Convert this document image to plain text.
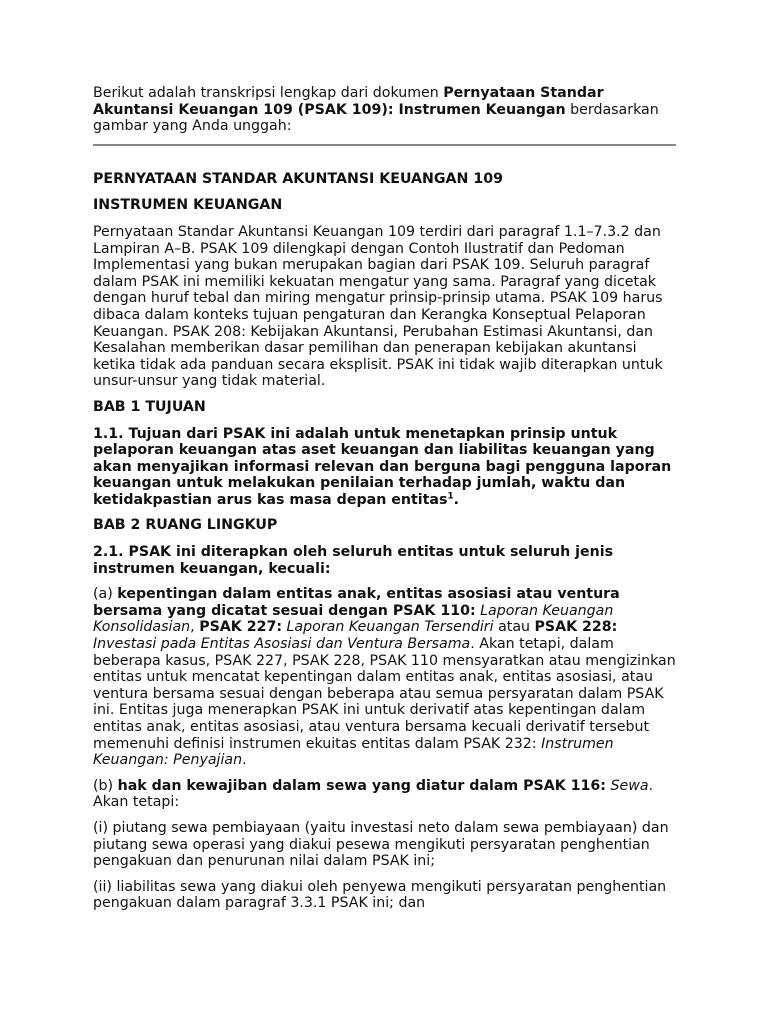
Berikut adalah transkripsi lengkap dari dokumen Pernyataan Standar Akuntansi Keuangan 109 (PSAK 109): Instrumen Keuangan berdasarkan gambar yang Anda unggah:

PERNYATAAN STANDAR AKUNTANSI KEUANGAN 109

INSTRUMEN KEUANGAN

Pernyataan Standar Akuntansi Keuangan 109 terdiri dari paragraf 1.1–7.3.2 dan Lampiran A–B. PSAK 109 dilengkapi dengan Contoh Ilustratif dan Pedoman Implementasi yang bukan merupakan bagian dari PSAK 109. Seluruh paragraf dalam PSAK ini memiliki kekuatan mengatur yang sama. Paragraf yang dicetak dengan huruf tebal dan miring mengatur prinsip-prinsip utama. PSAK 109 harus dibaca dalam konteks tujuan pengaturan dan Kerangka Konseptual Pelaporan Keuangan. PSAK 208: Kebijakan Akuntansi, Perubahan Estimasi Akuntansi, dan Kesalahan memberikan dasar pemilihan dan penerapan kebijakan akuntansi ketika tidak ada panduan secara eksplisit. PSAK ini tidak wajib diterapkan untuk unsur-unsur yang tidak material.

BAB 1 TUJUAN

1.1. Tujuan dari PSAK ini adalah untuk menetapkan prinsip untuk pelaporan keuangan atas aset keuangan dan liabilitas keuangan yang akan menyajikan informasi relevan dan berguna bagi pengguna laporan keuangan untuk melakukan penilaian terhadap jumlah, waktu dan ketidakpastian arus kas masa depan entitas$^1$.

BAB 2 RUANG LINGKUP

2.1. PSAK ini diterapkan oleh seluruh entitas untuk seluruh jenis instrumen keuangan, kecuali:

(a) kepentingan dalam entitas anak, entitas asosiasi atau ventura bersama yang dicatat sesuai dengan PSAK 110: Laporan Keuangan Konsolidasian, PSAK 227: Laporan Keuangan Tersendiri atau PSAK 228: Investasi pada Entitas Asosiasi dan Ventura Bersama. Akan tetapi, dalam beberapa kasus, PSAK 227, PSAK 228, PSAK 110 mensyaratkan atau mengizinkan entitas untuk mencatat kepentingan dalam entitas anak, entitas asosiasi, atau ventura bersama sesuai dengan beberapa atau semua persyaratan dalam PSAK ini. Entitas juga menerapkan PSAK ini untuk derivatif atas kepentingan dalam entitas anak, entitas asosiasi, atau ventura bersama kecuali derivatif tersebut memenuhi definisi instrumen ekuitas entitas dalam PSAK 232: Instrumen Keuangan: Penyajian.

(b) hak dan kewajiban dalam sewa yang diatur dalam PSAK 116: Sewa. Akan tetapi:

(i) piutang sewa pembiayaan (yaitu investasi neto dalam sewa pembiayaan) dan piutang sewa operasi yang diakui pesewa mengikuti persyaratan penghentian pengakuan dan penurunan nilai dalam PSAK ini;

(ii) liabilitas sewa yang diakui oleh penyewa mengikuti persyaratan penghentian pengakuan dalam paragraf 3.3.1 PSAK ini; dan
